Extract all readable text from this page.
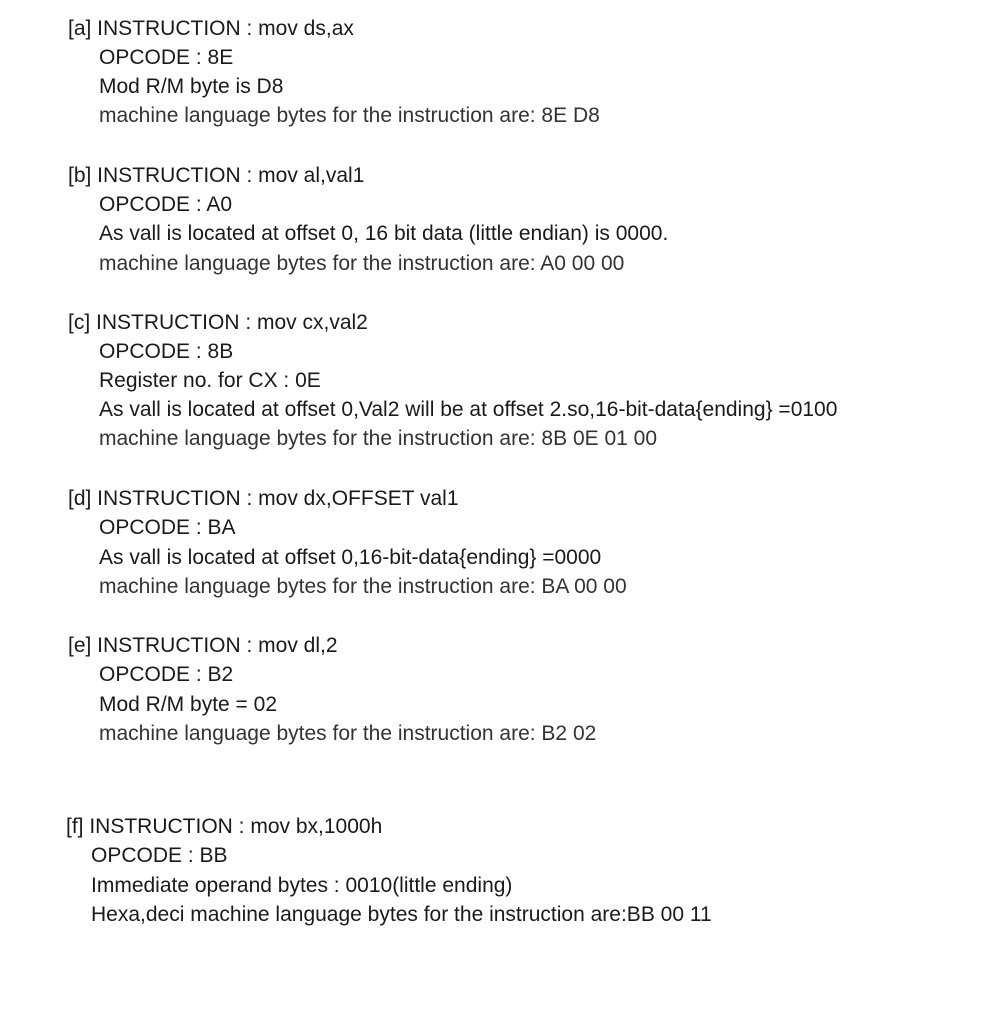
[a] INSTRUCTION : mov ds,ax
OPCODE : 8E
Mod R/M byte is D8
machine language bytes for the instruction are: 8E D8
[b] INSTRUCTION : mov al,val1
OPCODE : A0
As vall is located at offset 0, 16 bit data (little endian) is 0000.
machine language bytes for the instruction are: A0 00 00
[c] INSTRUCTION : mov cx,val2
OPCODE : 8B
Register no. for CX : 0E
As vall is located at offset 0,Val2 will be at offset 2.so,16-bit-data{ending} =0100
machine language bytes for the instruction are: 8B 0E 01 00
[d] INSTRUCTION : mov dx,OFFSET val1
OPCODE : BA
As vall is located at offset 0,16-bit-data{ending} =0000
machine language bytes for the instruction are: BA 00 00
[e] INSTRUCTION : mov dl,2
OPCODE : B2
Mod R/M byte = 02
machine language bytes for the instruction are: B2 02
[f] INSTRUCTION : mov bx,1000h
OPCODE : BB
Immediate operand bytes : 0010(little ending)
Hexa,deci machine language bytes for the instruction are:BB 00 11
